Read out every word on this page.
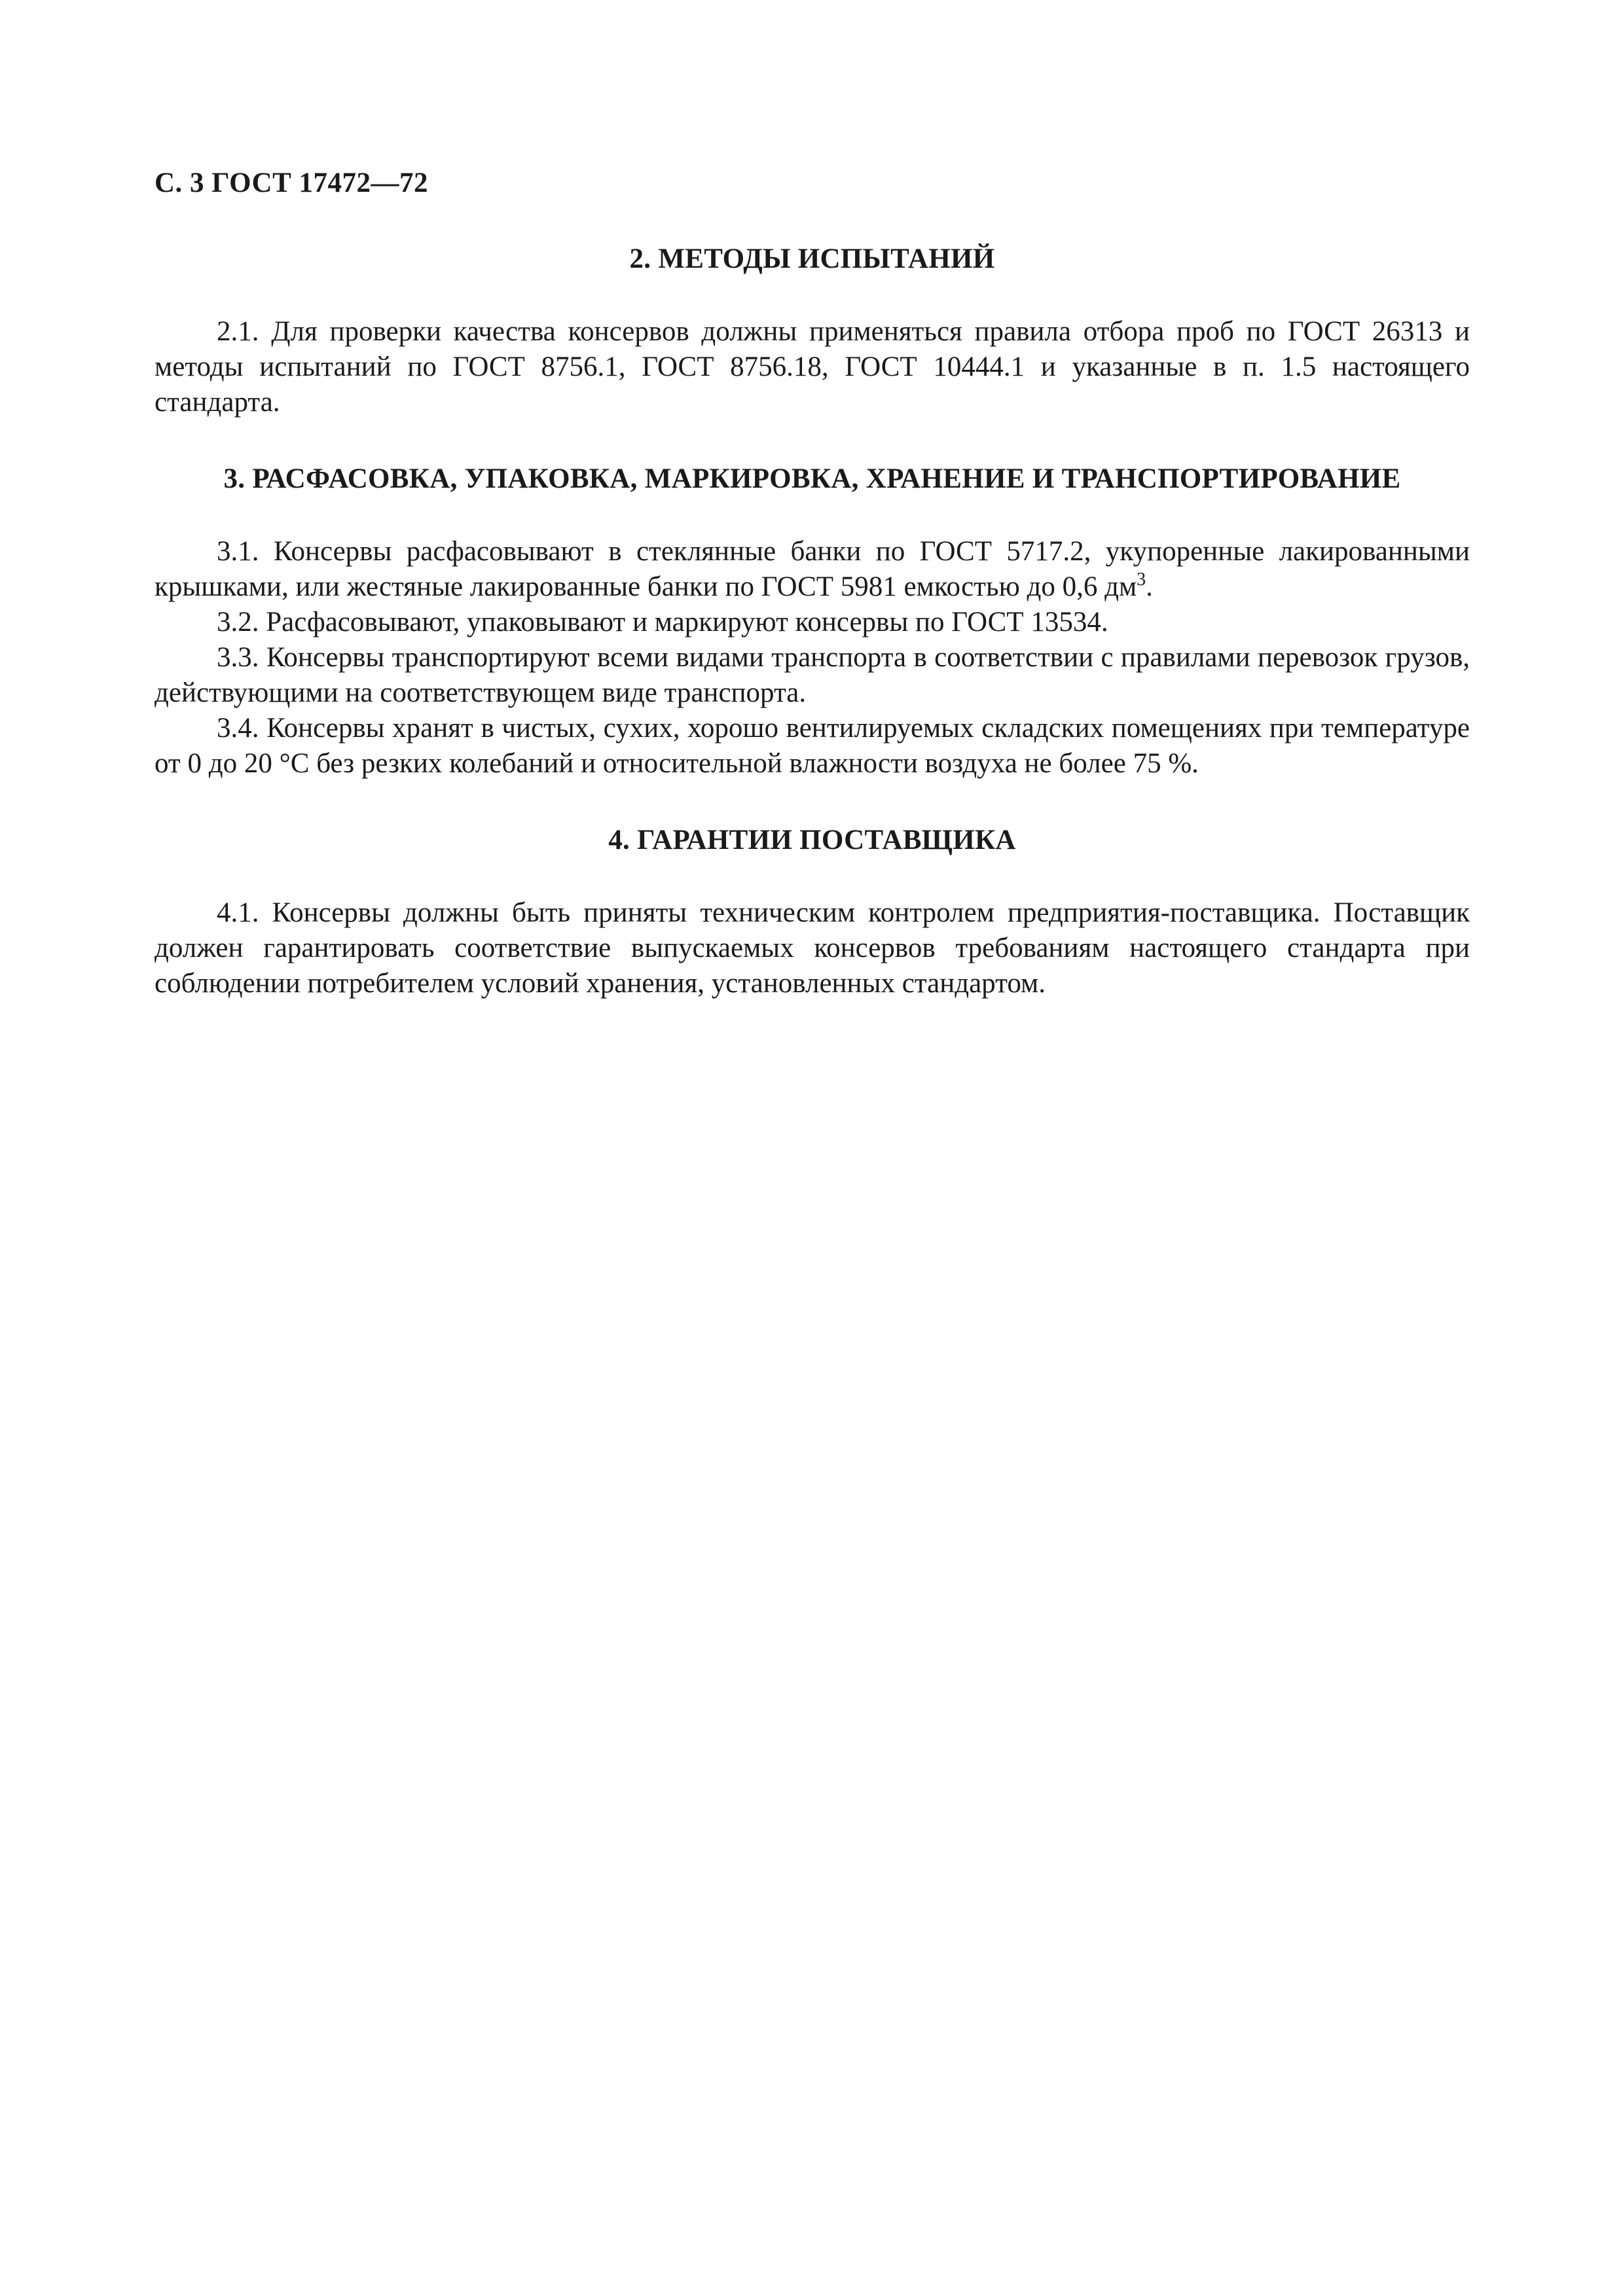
С. 3 ГОСТ 17472—72
2. МЕТОДЫ ИСПЫТАНИЙ

2.1. Для проверки качества консервов должны применяться правила отбора проб по ГОСТ 26313 и методы испытаний по ГОСТ 8756.1, ГОСТ 8756.18, ГОСТ 10444.1 и указанные в п. 1.5 настоящего стандарта.

3. РАСФАСОВКА, УПАКОВКА, МАРКИРОВКА, ХРАНЕНИЕ И ТРАНСПОРТИРОВАНИЕ

3.1. Консервы расфасовывают в стеклянные банки по ГОСТ 5717.2, укупоренные лакированными крышками, или жестяные лакированные банки по ГОСТ 5981 емкостью до 0,6 $дм^3$.

3.2. Расфасовывают, упаковывают и маркируют консервы по ГОСТ 13534.

3.3. Консервы транспортируют всеми видами транспорта в соответствии с правилами перевозок грузов, действующими на соответствующем виде транспорта.

3.4. Консервы хранят в чистых, сухих, хорошо вентилируемых складских помещениях при температуре от 0 до 20 °С без резких колебаний и относительной влажности воздуха не более 75 %.

4. ГАРАНТИИ ПОСТАВЩИКА

4.1. Консервы должны быть приняты техническим контролем предприятия-поставщика. Поставщик должен гарантировать соответствие выпускаемых консервов требованиям настоящего стандарта при соблюдении потребителем условий хранения, установленных стандартом.
